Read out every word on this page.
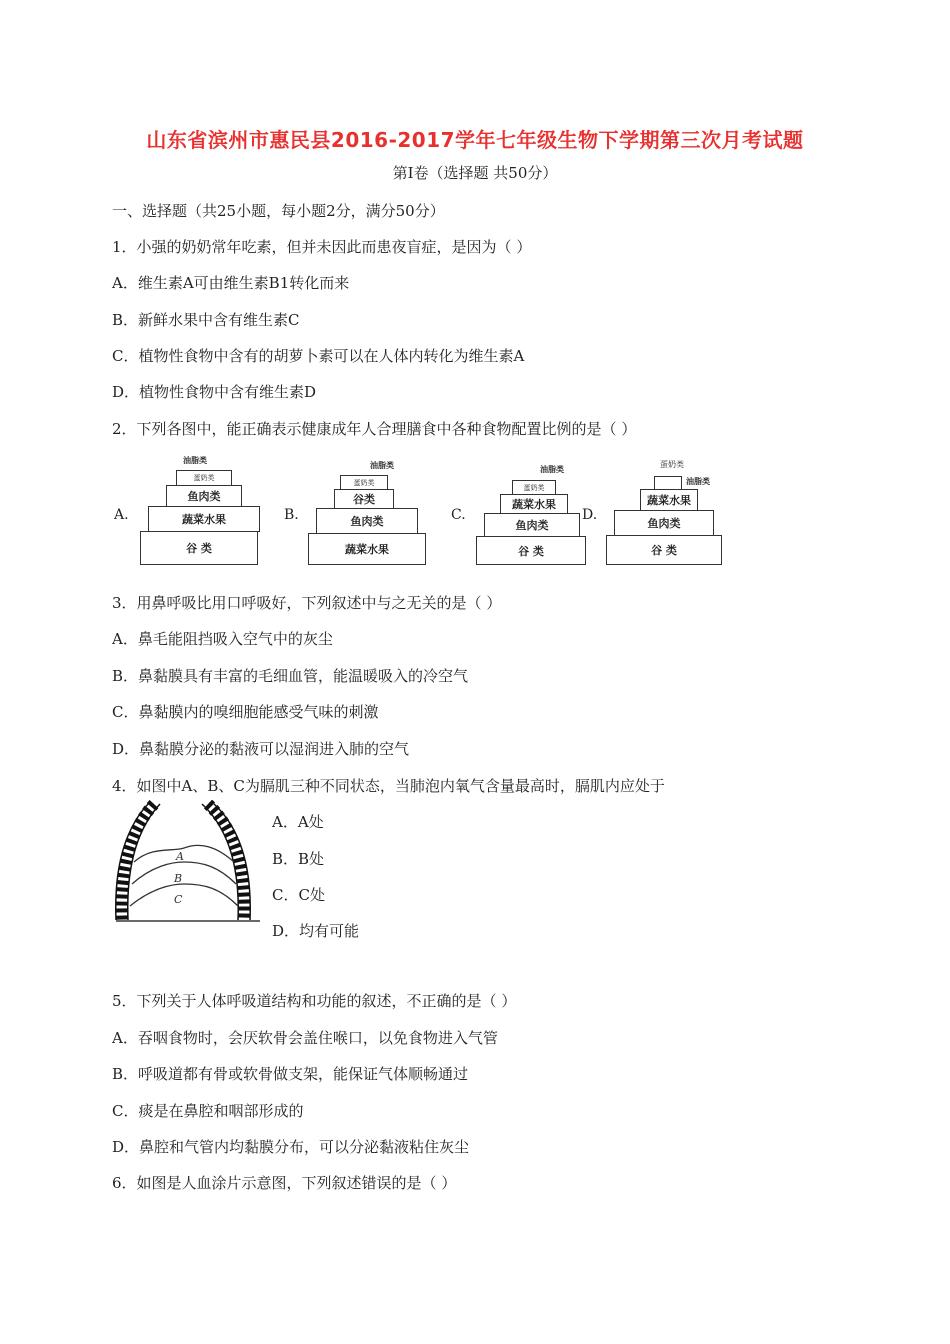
山东省滨州市惠民县2016-2017学年七年级生物下学期第三次月考试题
第Ⅰ卷（选择题 共50分）
一、选择题（共25小题，每小题2分，满分50分）
1．小强的奶奶常年吃素，但并未因此而患夜盲症，是因为（ ）
A．维生素A可由维生素B1转化而来
B．新鲜水果中含有维生素C
C．植物性食物中含有的胡萝卜素可以在人体内转化为维生素A
D．植物性食物中含有维生素D
2．下列各图中，能正确表示健康成年人合理膳食中各种食物配置比例的是（ ）
A.
油脂类
蛋奶类
鱼肉类
蔬菜水果
谷 类
B.
油脂类
蛋奶类
谷类
鱼肉类
蔬菜水果
C.
油脂类
蛋奶类
蔬菜水果
鱼肉类
谷 类
D.
蛋奶类
油脂类
蔬菜水果
鱼肉类
谷 类
3．用鼻呼吸比用口呼吸好，下列叙述中与之无关的是（ ）
A．鼻毛能阻挡吸入空气中的灰尘
B．鼻黏膜具有丰富的毛细血管，能温暖吸入的冷空气
C．鼻黏膜内的嗅细胞能感受气味的刺激
D．鼻黏膜分泌的黏液可以湿润进入肺的空气
4．如图中A、B、C为膈肌三种不同状态，当肺泡内氧气含量最高时，膈肌内应处于
A
B
C
A．A处
B．B处
C．C处
D．均有可能
5．下列关于人体呼吸道结构和功能的叙述，不正确的是（ ）
A．吞咽食物时，会厌软骨会盖住喉口，以免食物进入气管
B．呼吸道都有骨或软骨做支架，能保证气体顺畅通过
C．痰是在鼻腔和咽部形成的
D．鼻腔和气管内均黏膜分布，可以分泌黏液粘住灰尘
6．如图是人血涂片示意图，下列叙述错误的是（ ）
